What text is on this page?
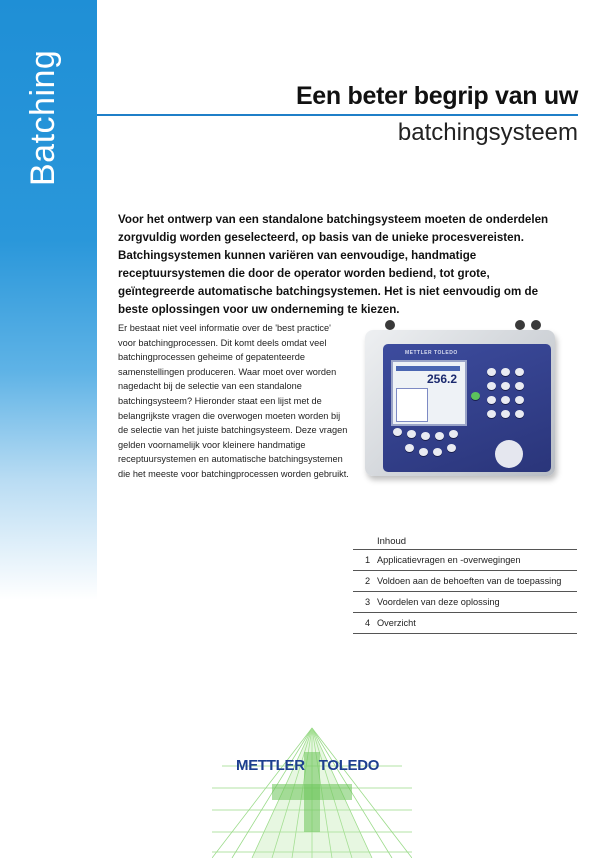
Batching	Een beter begrip van uw
batchingsysteem

Voor het ontwerp van een standalone batchingsysteem moeten de onderdelen zorgvuldig worden geselecteerd, op basis van de unieke procesvereisten. Batchingsystemen kunnen variëren van eenvoudige, handmatige receptuursystemen die door de operator worden bediend, tot grote, geïntegreerde automatische batchingsystemen. Het is niet eenvoudig om de beste oplossingen voor uw onderneming te kiezen.

Er bestaat niet veel informatie over de 'best practice' voor batchingprocessen. Dit komt deels omdat veel batchingprocessen geheime of gepatenteerde samenstellingen produceren. Waar moet over worden nagedacht bij de selectie van een standalone batchingsysteem? Hieronder staat een lijst met de belangrijkste vragen die overwogen moeten worden bij de selectie van het juiste batchingsysteem. Deze vragen gelden voornamelijk voor kleinere handmatige receptuursystemen en automatische batchingsystemen die het meeste voor batchingprocessen worden gebruikt.

METTLER TOLEDO
256.2
Inhoud
1 Applicatievragen en -overwegingen
2 Voldoen aan de behoeften van de toepassing
3 Voordelen van deze oplossing
4 Overzicht
METTLER TOLEDO
